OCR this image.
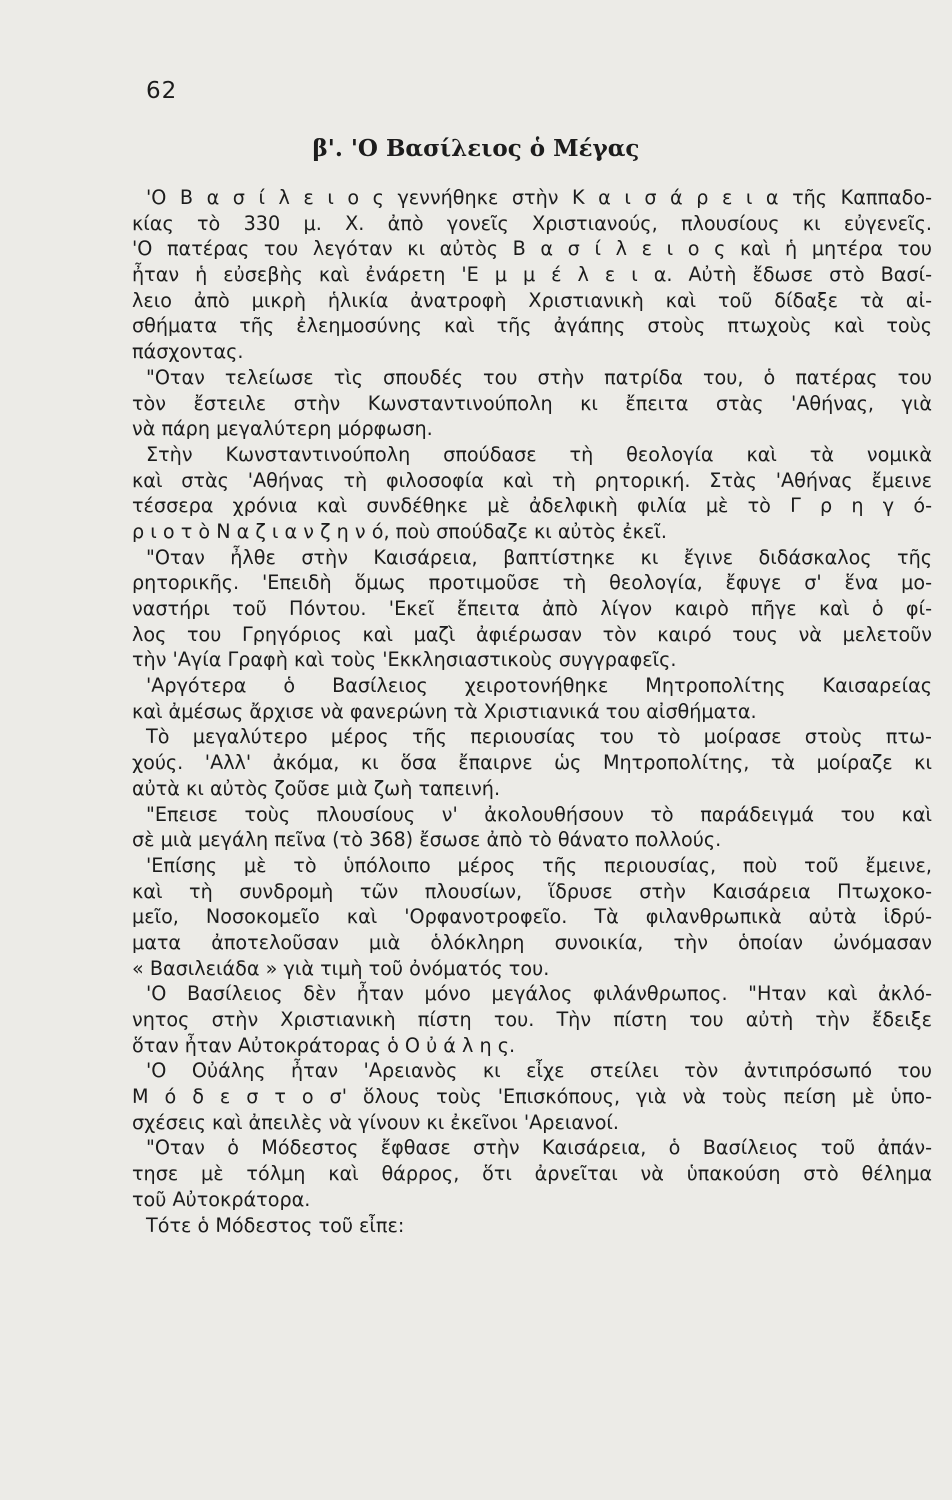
62
β'. 'Ο Βασίλειος ὁ Μέγας
'Ο Β α σ ί λ ε ι ο ς γεννήθηκε στὴν Κ α ι σ ά ρ ε ι α τῆς Καππαδο-
κίας τὸ 330 μ. Χ. ἀπὸ γονεῖς Χριστιανούς, πλουσίους κι εὐγενεῖς.
'Ο πατέρας του λεγόταν κι αὐτὸς Β α σ ί λ ε ι ο ς καὶ ἡ μητέρα του
ἦταν ἡ εὐσεβὴς καὶ ἐνάρετη 'Ε μ μ έ λ ε ι α. Αὐτὴ ἔδωσε στὸ Βασί-
λειο ἀπὸ μικρὴ ἡλικία ἀνατροφὴ Χριστιανικὴ καὶ τοῦ δίδαξε τὰ αἰ-
σθήματα τῆς ἐλεημοσύνης καὶ τῆς ἀγάπης στοὺς πτωχοὺς καὶ τοὺς
πάσχοντας.
"Οταν τελείωσε τὶς σπουδές του στὴν πατρίδα του, ὁ πατέρας του
τὸν ἔστειλε στὴν Κωνσταντινούπολη κι ἔπειτα στὰς 'Αθήνας, γιὰ
νὰ πάρη μεγαλύτερη μόρφωση.
Στὴν Κωνσταντινούπολη σπούδασε τὴ θεολογία καὶ τὰ νομικὰ
καὶ στὰς 'Αθήνας τὴ φιλοσοφία καὶ τὴ ρητορική. Στὰς 'Αθήνας ἔμεινε
τέσσερα χρόνια καὶ συνδέθηκε μὲ ἀδελφικὴ φιλία μὲ τὸ Γ ρ η γ ό-
ρ ι ο τ ὸ Ν α ζ ι α ν ζ η ν ό, ποὺ σπούδαζε κι αὐτὸς ἐκεῖ.
"Οταν ἦλθε στὴν Καισάρεια, βαπτίστηκε κι ἔγινε διδάσκαλος τῆς
ρητορικῆς. 'Επειδὴ ὅμως προτιμοῦσε τὴ θεολογία, ἔφυγε σ' ἕνα μο-
ναστήρι τοῦ Πόντου. 'Εκεῖ ἔπειτα ἀπὸ λίγον καιρὸ πῆγε καὶ ὁ φί-
λος του Γρηγόριος καὶ μαζὶ ἀφιέρωσαν τὸν καιρό τους νὰ μελετοῦν
τὴν 'Αγία Γραφὴ καὶ τοὺς 'Εκκλησιαστικοὺς συγγραφεῖς.
'Αργότερα ὁ Βασίλειος χειροτονήθηκε Μητροπολίτης Καισαρείας
καὶ ἀμέσως ἄρχισε νὰ φανερώνη τὰ Χριστιανικά του αἰσθήματα.
Τὸ μεγαλύτερο μέρος τῆς περιουσίας του τὸ μοίρασε στοὺς πτω-
χούς. 'Αλλ' ἀκόμα, κι ὅσα ἔπαιρνε ὡς Μητροπολίτης, τὰ μοίραζε κι
αὐτὰ κι αὐτὸς ζοῦσε μιὰ ζωὴ ταπεινή.
"Επεισε τοὺς πλουσίους ν' ἀκολουθήσουν τὸ παράδειγμά του καὶ
σὲ μιὰ μεγάλη πεῖνα (τὸ 368) ἔσωσε ἀπὸ τὸ θάνατο πολλούς.
'Επίσης μὲ τὸ ὑπόλοιπο μέρος τῆς περιουσίας, ποὺ τοῦ ἔμεινε,
καὶ τὴ συνδρομὴ τῶν πλουσίων, ἵδρυσε στὴν Καισάρεια Πτωχοκο-
μεῖο, Νοσοκομεῖο καὶ 'Ορφανοτροφεῖο. Τὰ φιλανθρωπικὰ αὐτὰ ἱδρύ-
ματα ἀποτελοῦσαν μιὰ ὁλόκληρη συνοικία, τὴν ὁποίαν ὠνόμασαν
« Βασιλειάδα » γιὰ τιμὴ τοῦ ὀνόματός του.
'Ο Βασίλειος δὲν ἦταν μόνο μεγάλος φιλάνθρωπος. "Ηταν καὶ ἀκλό-
νητος στὴν Χριστιανικὴ πίστη του. Τὴν πίστη του αὐτὴ τὴν ἔδειξε
ὅταν ἦταν Αὐτοκράτορας ὁ Ο ὐ ά λ η ς.
'Ο Οὐάλης ἦταν 'Αρειανὸς κι εἶχε στείλει τὸν ἀντιπρόσωπό του
Μ ό δ ε σ τ ο σ' ὅλους τοὺς 'Επισκόπους, γιὰ νὰ τοὺς πείση μὲ ὑπο-
σχέσεις καὶ ἀπειλὲς νὰ γίνουν κι ἐκεῖνοι 'Αρειανοί.
"Οταν ὁ Μόδεστος ἔφθασε στὴν Καισάρεια, ὁ Βασίλειος τοῦ ἀπάν-
τησε μὲ τόλμη καὶ θάρρος, ὅτι ἀρνεῖται νὰ ὑπακούση στὸ θέλημα
τοῦ Αὐτοκράτορα.
Τότε ὁ Μόδεστος τοῦ εἶπε:
